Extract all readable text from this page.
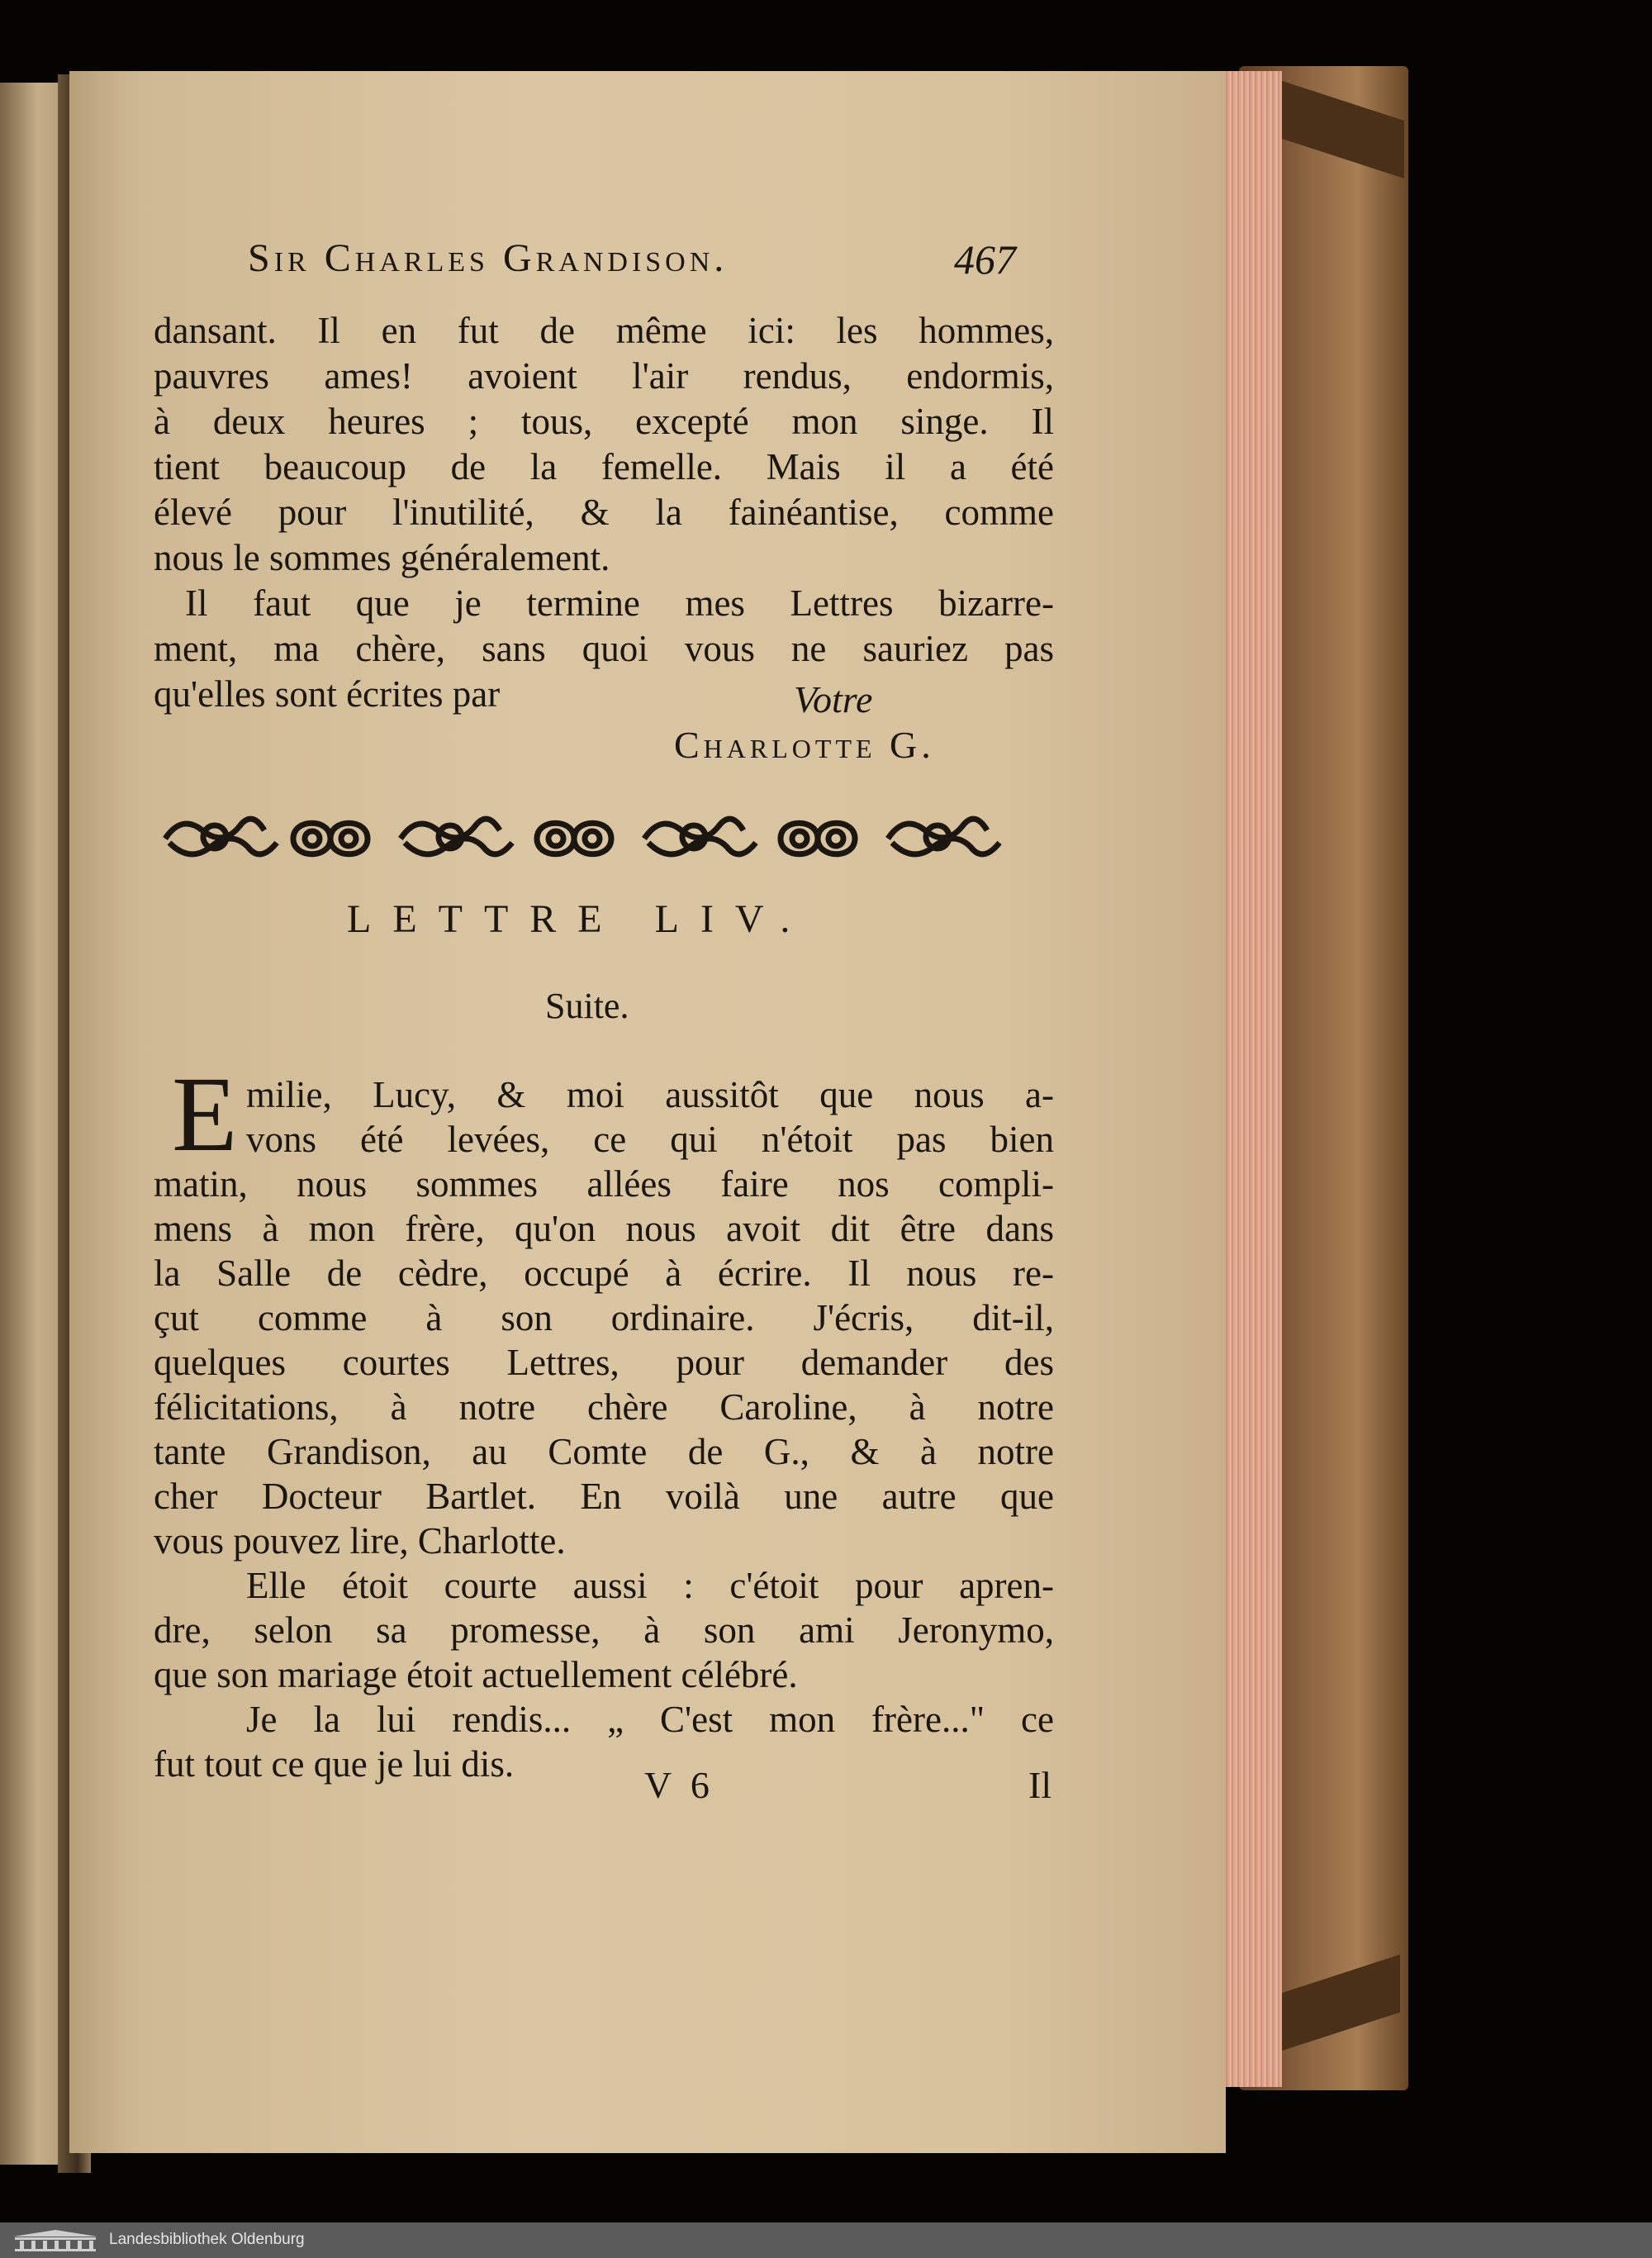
Sir Charles Grandison.	467
dansant. Il en fut de même ici: les hommes,
pauvres ames! avoient l'air rendus, endormis,
à deux heures ; tous, excepté mon singe. Il
tient beaucoup de la femelle. Mais il a été
élevé pour l'inutilité, & la fainéantise, comme
nous le sommes généralement.
Il faut que je termine mes Lettres bizarre-
ment, ma chère, sans quoi vous ne sauriez pas
qu'elles sont écrites par	Votre
Charlotte G.
LETTRE LIV.
Suite.
E milie, Lucy, & moi aussitôt que nous a-
vons été levées, ce qui n'étoit pas bien
matin, nous sommes allées faire nos compli-
mens à mon frère, qu'on nous avoit dit être dans
la Salle de cèdre, occupé à écrire. Il nous re-
çut comme à son ordinaire. J'écris, dit-il,
quelques courtes Lettres, pour demander des
félicitations, à notre chère Caroline, à notre
tante Grandison, au Comte de G., & à notre
cher Docteur Bartlet. En voilà une autre que
vous pouvez lire, Charlotte.
Elle étoit courte aussi : c'étoit pour apren-
dre, selon sa promesse, à son ami Jeronymo,
que son mariage étoit actuellement célébré.
Je la lui rendis... „ C'est mon frère..." ce
fut tout ce que je lui dis.	V 6	Il
Landesbibliothek Oldenburg
